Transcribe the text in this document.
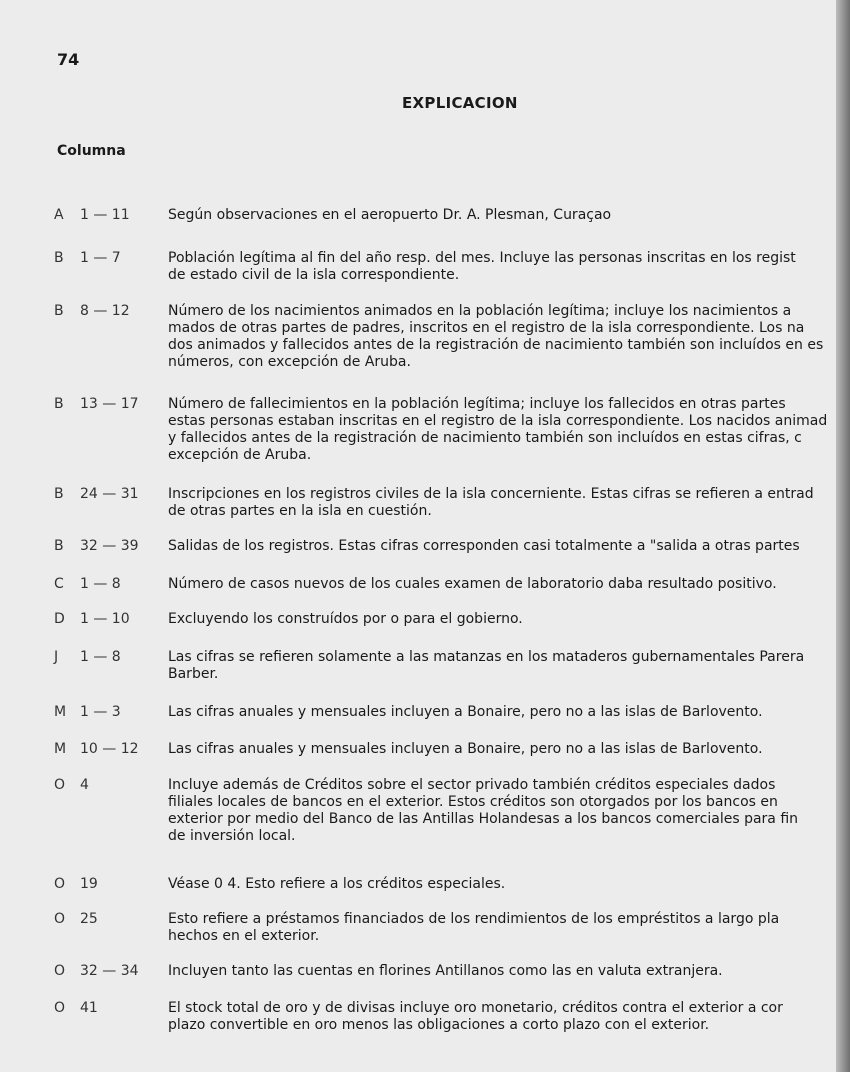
74
EXPLICACION
Columna
A 1 — 11	Según observaciones en el aeropuerto Dr. A. Plesman, Curaçao
B 1 — 7	Población legítima al fin del año resp. del mes. Incluye las personas inscritas en los regist
de estado civil de la isla correspondiente.
B 8 — 12	Número de los nacimientos animados en la población legítima; incluye los nacimientos a
mados de otras partes de padres, inscritos en el registro de la isla correspondiente. Los na
dos animados y fallecidos antes de la registración de nacimiento también son incluídos en es
números, con excepción de Aruba.
B 13 — 17	Número de fallecimientos en la población legítima; incluye los fallecidos en otras partes
estas personas estaban inscritas en el registro de la isla correspondiente. Los nacidos animad
y fallecidos antes de la registración de nacimiento también son incluídos en estas cifras, c
excepción de Aruba.
B 24 — 31	Inscripciones en los registros civiles de la isla concerniente. Estas cifras se refieren a entrad
de otras partes en la isla en cuestión.
B 32 — 39	Salidas de los registros. Estas cifras corresponden casi totalmente a "salida a otras partes
C 1 — 8	Número de casos nuevos de los cuales examen de laboratorio daba resultado positivo.
D 1 — 10	Excluyendo los construídos por o para el gobierno.
J 1 — 8	Las cifras se refieren solamente a las matanzas en los mataderos gubernamentales Parera
Barber.
M 1 — 3	Las cifras anuales y mensuales incluyen a Bonaire, pero no a las islas de Barlovento.
M 10 — 12	Las cifras anuales y mensuales incluyen a Bonaire, pero no a las islas de Barlovento.
O 4	Incluye además de Créditos sobre el sector privado también créditos especiales dados
filiales locales de bancos en el exterior. Estos créditos son otorgados por los bancos en
exterior por medio del Banco de las Antillas Holandesas a los bancos comerciales para fin
de inversión local.
O 19	Véase 0 4. Esto refiere a los créditos especiales.
O 25	Esto refiere a préstamos financiados de los rendimientos de los empréstitos a largo pla
hechos en el exterior.
O 32 — 34	Incluyen tanto las cuentas en florines Antillanos como las en valuta extranjera.
O 41	El stock total de oro y de divisas incluye oro monetario, créditos contra el exterior a cor
plazo convertible en oro menos las obligaciones a corto plazo con el exterior.
